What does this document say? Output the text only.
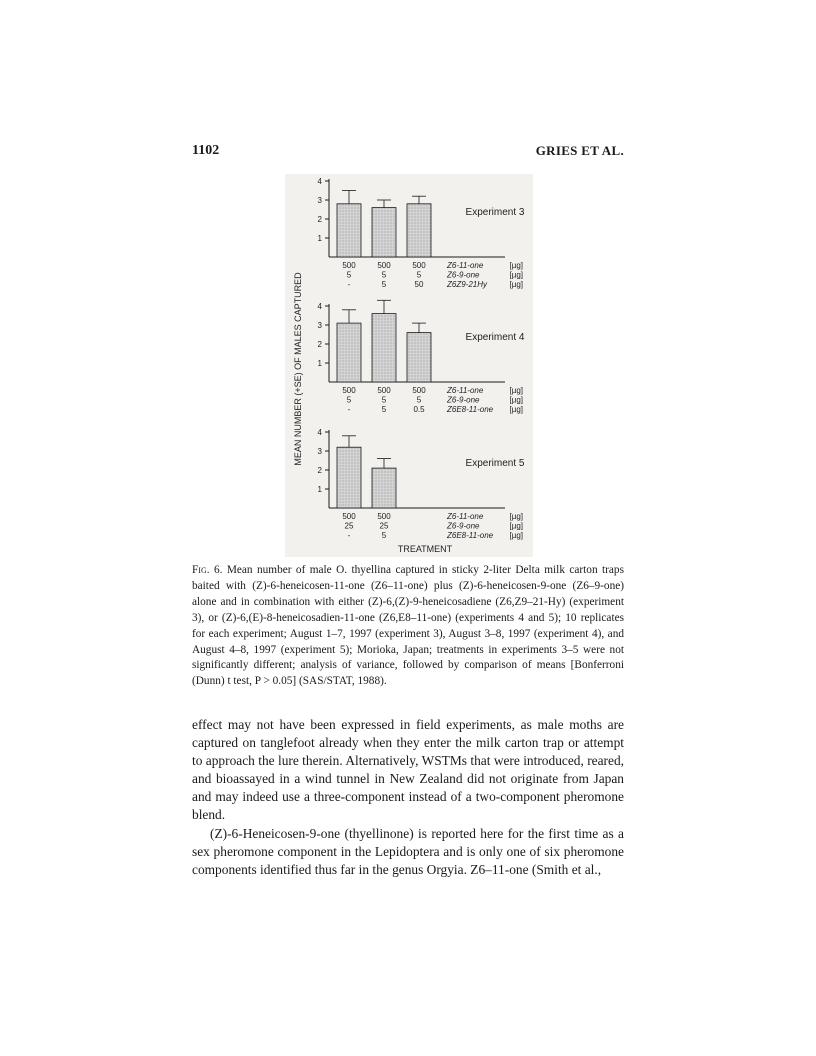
1102	GRIES ET AL.
MEAN NUMBER (+SE) OF MALES CAPTURED
TREATMENT
1
2
3
4
Experiment 3
500	500	500	Z6-11-one	[µg]
5	5	5	Z6-9-one	[µg]
-	5	50	Z6Z9-21Hy	[µg]
1
2
3
4
Experiment 4
500	500	500	Z6-11-one	[µg]
5	5	5	Z6-9-one	[µg]
-	5	0.5	Z6E8-11-one [µg]
1
2
3
4
Experiment 5
500	500	Z6-11-one	[µg]
25	25	Z6-9-one	[µg]
-	5	Z6E8-11-one [µg]
Fig. 6. Mean number of male O. thyellina captured in sticky 2-liter Delta milk carton traps baited with (Z)-6-heneicosen-11-one (Z6–11-one) plus (Z)-6-heneicosen-9-one (Z6–9-one) alone and in combination with either (Z)-6,(Z)-9-heneicosadiene (Z6,Z9–21-Hy) (experiment 3), or (Z)-6,(E)-8-heneicosadien-11-one (Z6,E8–11-one) (experiments 4 and 5); 10 replicates for each experiment; August 1–7, 1997 (experiment 3), August 3–8, 1997 (experiment 4), and August 4–8, 1997 (experiment 5); Morioka, Japan; treatments in experiments 3–5 were not significantly different; analysis of variance, followed by comparison of means [Bonferroni (Dunn) t test, P > 0.05] (SAS/STAT, 1988).

effect may not have been expressed in field experiments, as male moths are captured on tanglefoot already when they enter the milk carton trap or attempt to approach the lure therein. Alternatively, WSTMs that were introduced, reared, and bioassayed in a wind tunnel in New Zealand did not originate from Japan and may indeed use a three-component instead of a two-component pheromone blend.

(Z)-6-Heneicosen-9-one (thyellinone) is reported here for the first time as a sex pheromone component in the Lepidoptera and is only one of six pheromone components identified thus far in the genus Orgyia. Z6–11-one (Smith et al.,
